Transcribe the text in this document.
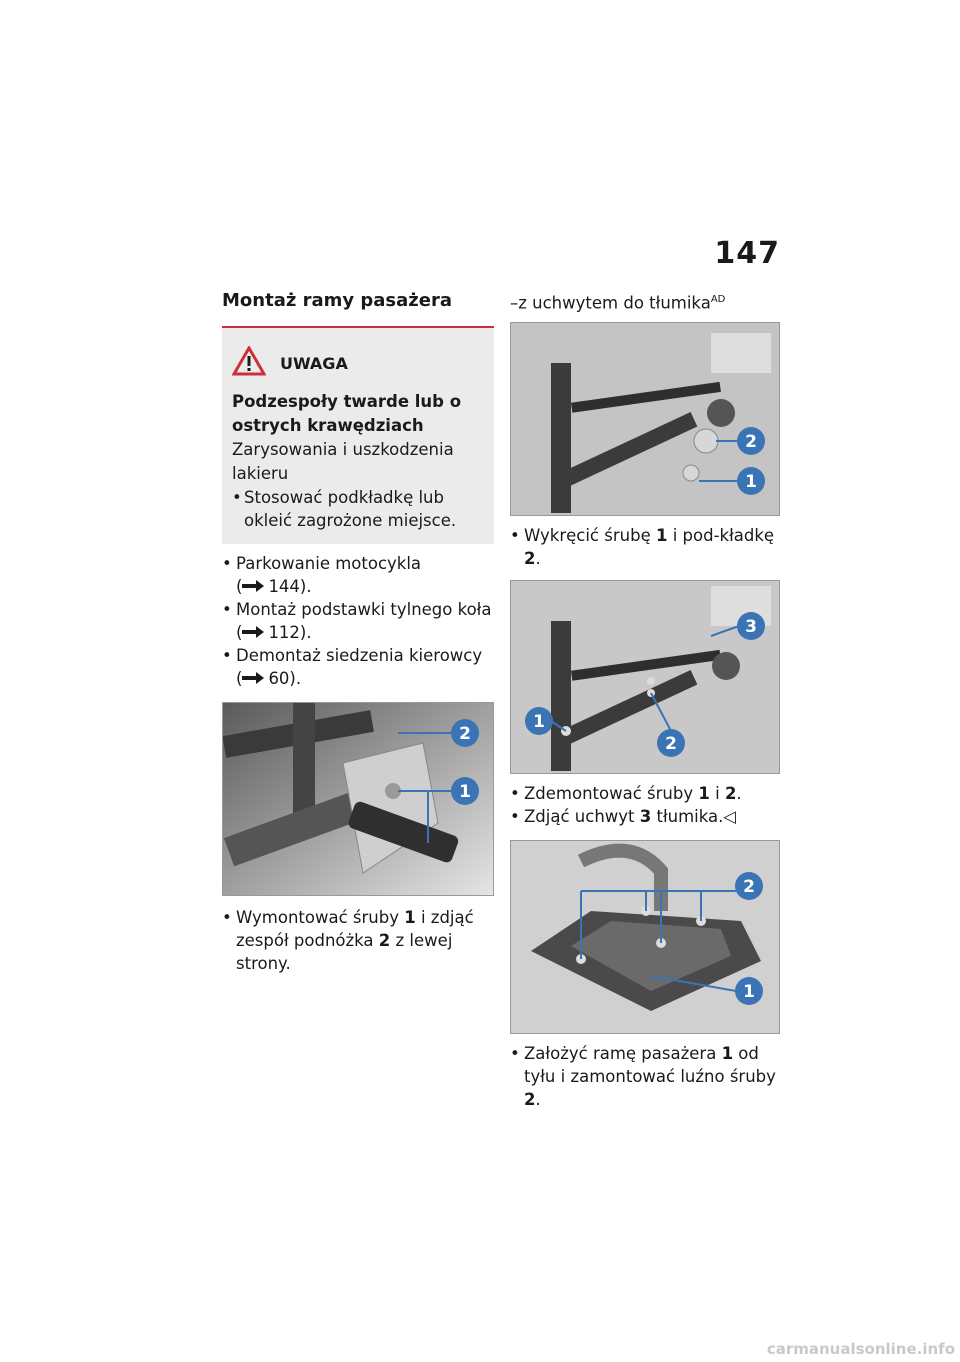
147
Montaż ramy pasażera
UWAGA
Podzespoły twarde lub o ostrych krawędziach
Zarysowania i uszkodzenia lakieru
• Stosować podkładkę lub okleić zagrożone miejsce.
• Parkowanie motocykla
( 144).
• Montaż podstawki tylnego koła ( 112).
• Demontaż siedzenia kierowcy
( 60).
2
1
• Wymontować śruby 1 i zdjąć zespół podnóżka 2 z lewej strony.
–z uchwytem do tłumika$^{AD}$
2
1
• Wykręcić śrubę 1 i pod-kładkę 2.
3
1
2
• Zdemontować śruby 1 i 2.
• Zdjąć uchwyt 3 tłumika.◁
2
1
• Założyć ramę pasażera 1 od tyłu i zamontować luźno śruby 2.
carmanualsonline.info
